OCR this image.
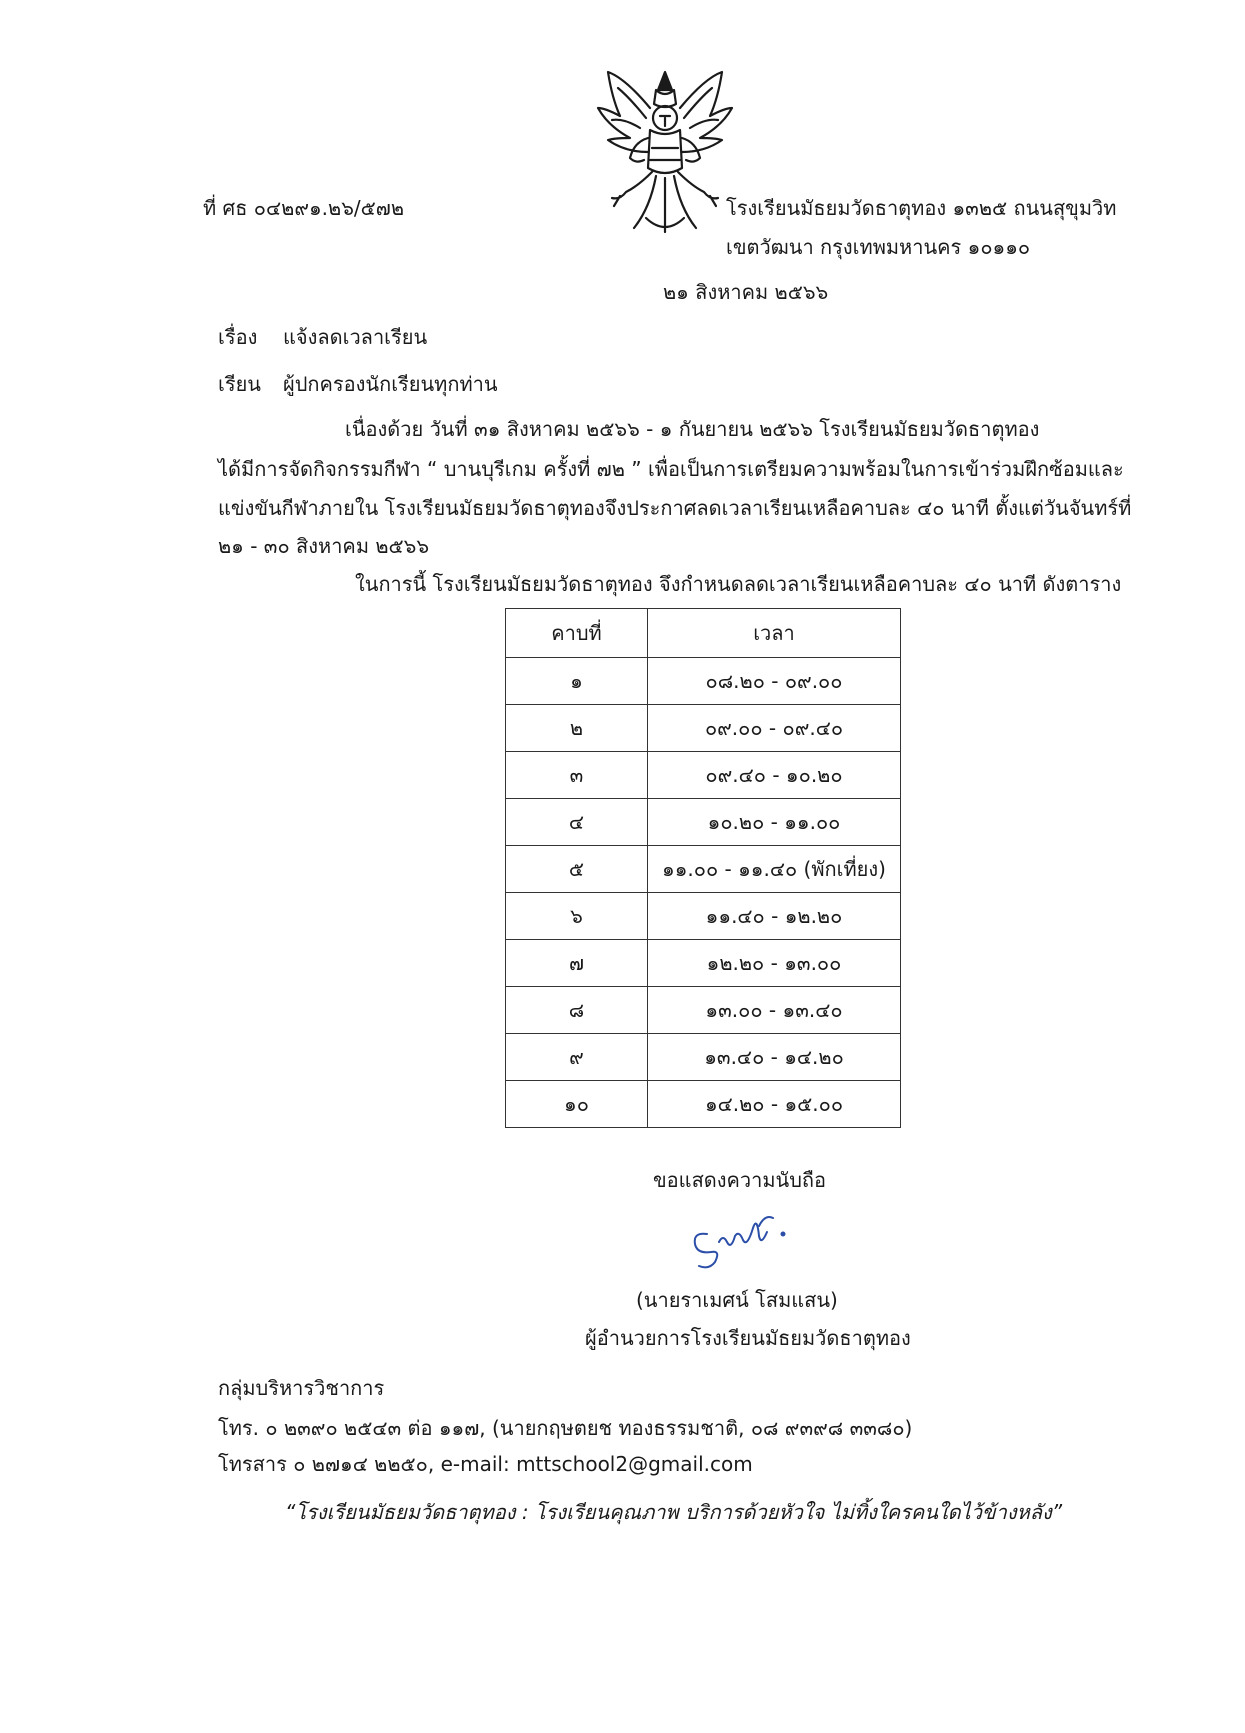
ที่ ศธ ๐๔๒๙๑.๒๖/๕๗๒	โรงเรียนมัธยมวัดธาตุทอง ๑๓๒๕ ถนนสุขุมวิท
เขตวัฒนา กรุงเทพมหานคร ๑๐๑๑๐
๒๑ สิงหาคม ๒๕๖๖
เรื่อง แจ้งลดเวลาเรียน
เรียน ผู้ปกครองนักเรียนทุกท่าน
เนื่องด้วย วันที่ ๓๑ สิงหาคม ๒๕๖๖ - ๑ กันยายน ๒๕๖๖ โรงเรียนมัธยมวัดธาตุทอง
ได้มีการจัดกิจกรรมกีฬา “ บานบุรีเกม ครั้งที่ ๗๒ ” เพื่อเป็นการเตรียมความพร้อมในการเข้าร่วมฝึกซ้อมและ
แข่งขันกีฬาภายใน โรงเรียนมัธยมวัดธาตุทองจึงประกาศลดเวลาเรียนเหลือคาบละ ๔๐ นาที ตั้งแต่วันจันทร์ที่
๒๑ - ๓๐ สิงหาคม ๒๕๖๖
ในการนี้ โรงเรียนมัธยมวัดธาตุทอง จึงกำหนดลดเวลาเรียนเหลือคาบละ ๔๐ นาที ดังตาราง
คาบที่	เวลา
๑	๐๘.๒๐ - ๐๙.๐๐
๒	๐๙.๐๐ - ๐๙.๔๐
๓	๐๙.๔๐ - ๑๐.๒๐
๔	๑๐.๒๐ - ๑๑.๐๐
๕	๑๑.๐๐ - ๑๑.๔๐ (พักเที่ยง)
๖	๑๑.๔๐ - ๑๒.๒๐
๗	๑๒.๒๐ - ๑๓.๐๐
๘	๑๓.๐๐ - ๑๓.๔๐
๙	๑๓.๔๐ - ๑๔.๒๐
๑๐	๑๔.๒๐ - ๑๕.๐๐
ขอแสดงความนับถือ
(นายราเมศน์ โสมแสน)
ผู้อำนวยการโรงเรียนมัธยมวัดธาตุทอง
กลุ่มบริหารวิชาการ
โทร. ๐ ๒๓๙๐ ๒๕๔๓ ต่อ ๑๑๗, (นายกฤษตยช ทองธรรมชาติ, ๐๘ ๙๓๙๘ ๓๓๘๐)
โทรสาร ๐ ๒๗๑๔ ๒๒๕๐, e-mail: mttschool2@gmail.com
“โรงเรียนมัธยมวัดธาตุทอง : โรงเรียนคุณภาพ บริการด้วยหัวใจ ไม่ทิ้งใครคนใดไว้ข้างหลัง”
